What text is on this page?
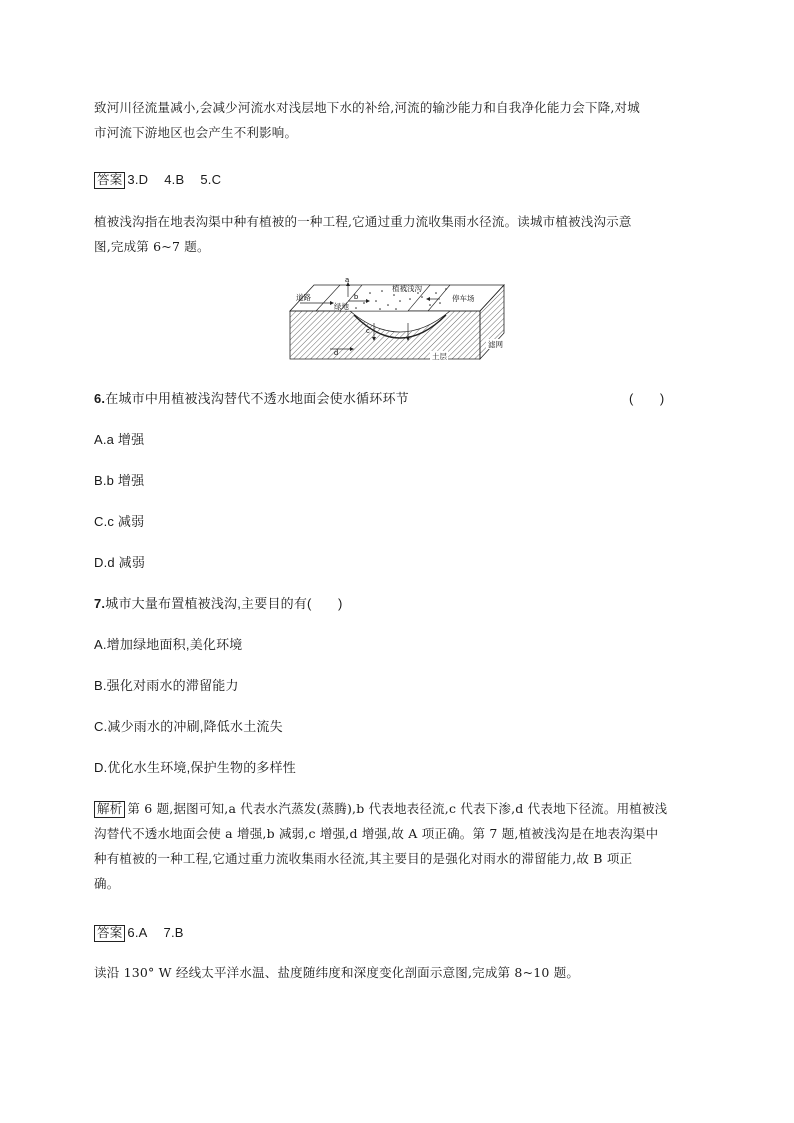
致河川径流量减小,会减少河流水对浅层地下水的补给,河流的输沙能力和自我净化能力会下降,对城
市河流下游地区也会产生不利影响。
答案 3.D 4.B 5.C
植被浅沟指在地表沟渠中种有植被的一种工程,它通过重力流收集雨水径流。读城市植被浅沟示意
图,完成第 6~7 题。
a
b
c
d
道路
绿地
植被浅沟
停车场
土层
滤网
6.在城市中用植被浅沟替代不透水地面会使水循环环节	(　　)
A.a 增强
B.b 增强
C.c 减弱
D.d 减弱
7.城市大量布置植被浅沟,主要目的有(　　)
A.增加绿地面积,美化环境
B.强化对雨水的滞留能力
C.减少雨水的冲刷,降低水土流失
D.优化水生环境,保护生物的多样性
解析 第 6 题,据图可知,a 代表水汽蒸发(蒸腾),b 代表地表径流,c 代表下渗,d 代表地下径流。用植被浅
沟替代不透水地面会使 a 增强,b 减弱,c 增强,d 增强,故 A 项正确。第 7 题,植被浅沟是在地表沟渠中
种有植被的一种工程,它通过重力流收集雨水径流,其主要目的是强化对雨水的滞留能力,故 B 项正
确。
答案 6.A 7.B
读沿 130° W 经线太平洋水温、盐度随纬度和深度变化剖面示意图,完成第 8~10 题。
